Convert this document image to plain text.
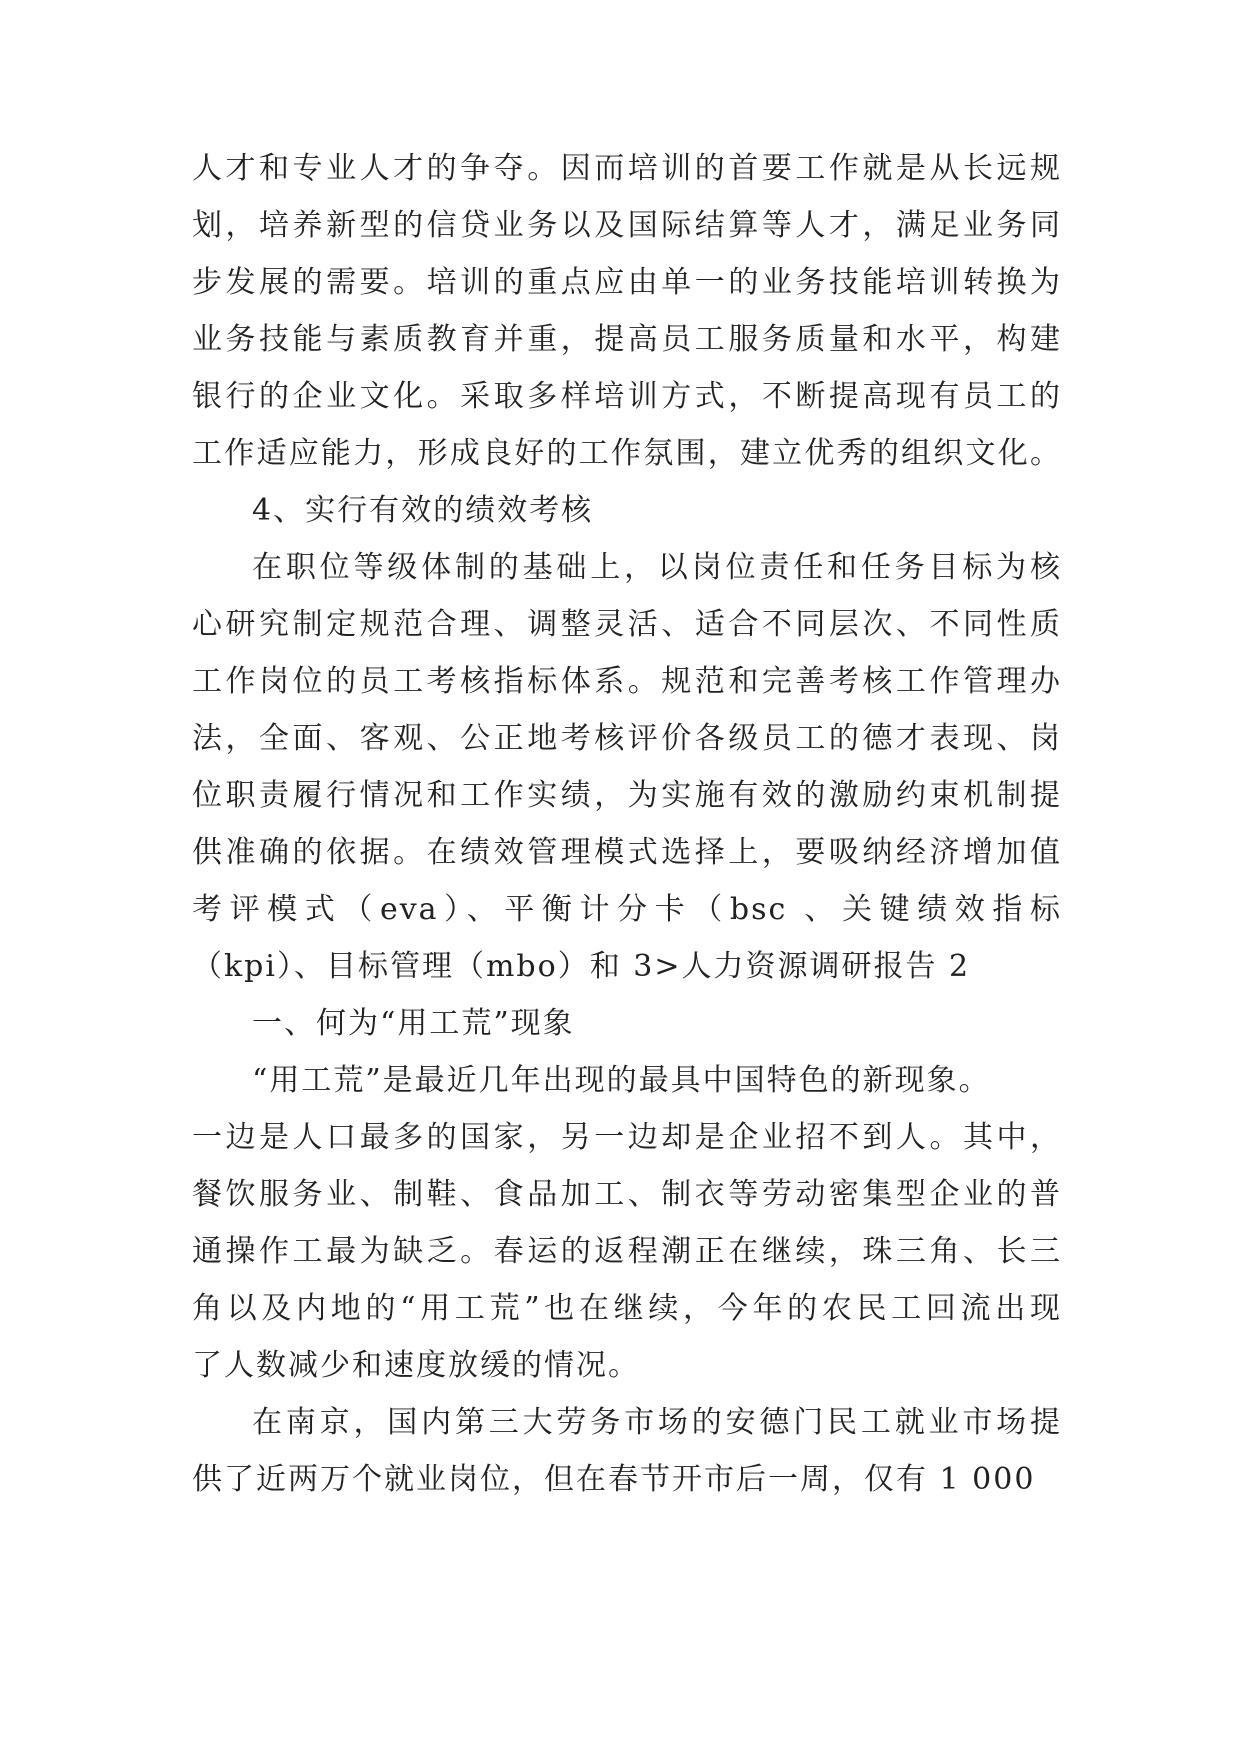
人才和专业人才的争夺。因而培训的首要工作就是从长远规
划，培养新型的信贷业务以及国际结算等人才，满足业务同
步发展的需要。培训的重点应由单一的业务技能培训转换为
业务技能与素质教育并重，提高员工服务质量和水平，构建
银行的企业文化。采取多样培训方式，不断提高现有员工的
工作适应能力，形成良好的工作氛围，建立优秀的组织文化。
4、实行有效的绩效考核
在职位等级体制的基础上，以岗位责任和任务目标为核
心研究制定规范合理、调整灵活、适合不同层次、不同性质
工作岗位的员工考核指标体系。规范和完善考核工作管理办
法，全面、客观、公正地考核评价各级员工的德才表现、岗
位职责履行情况和工作实绩，为实施有效的激励约束机制提
供准确的依据。在绩效管理模式选择上，要吸纳经济增加值
考评模式（eva）、平衡计分卡（bsc 、关键绩效指标
（kpi）、目标管理（mbo）和 3>人力资源调研报告 2
一、何为“用工荒”现象
“用工荒”是最近几年出现的最具中国特色的新现象。
一边是人口最多的国家，另一边却是企业招不到人。其中，
餐饮服务业、制鞋、食品加工、制衣等劳动密集型企业的普
通操作工最为缺乏。春运的返程潮正在继续，珠三角、长三
角以及内地的“用工荒”也在继续，今年的农民工回流出现
了人数减少和速度放缓的情况。
在南京，国内第三大劳务市场的安德门民工就业市场提
供了近两万个就业岗位，但在春节开市后一周，仅有 1 000
